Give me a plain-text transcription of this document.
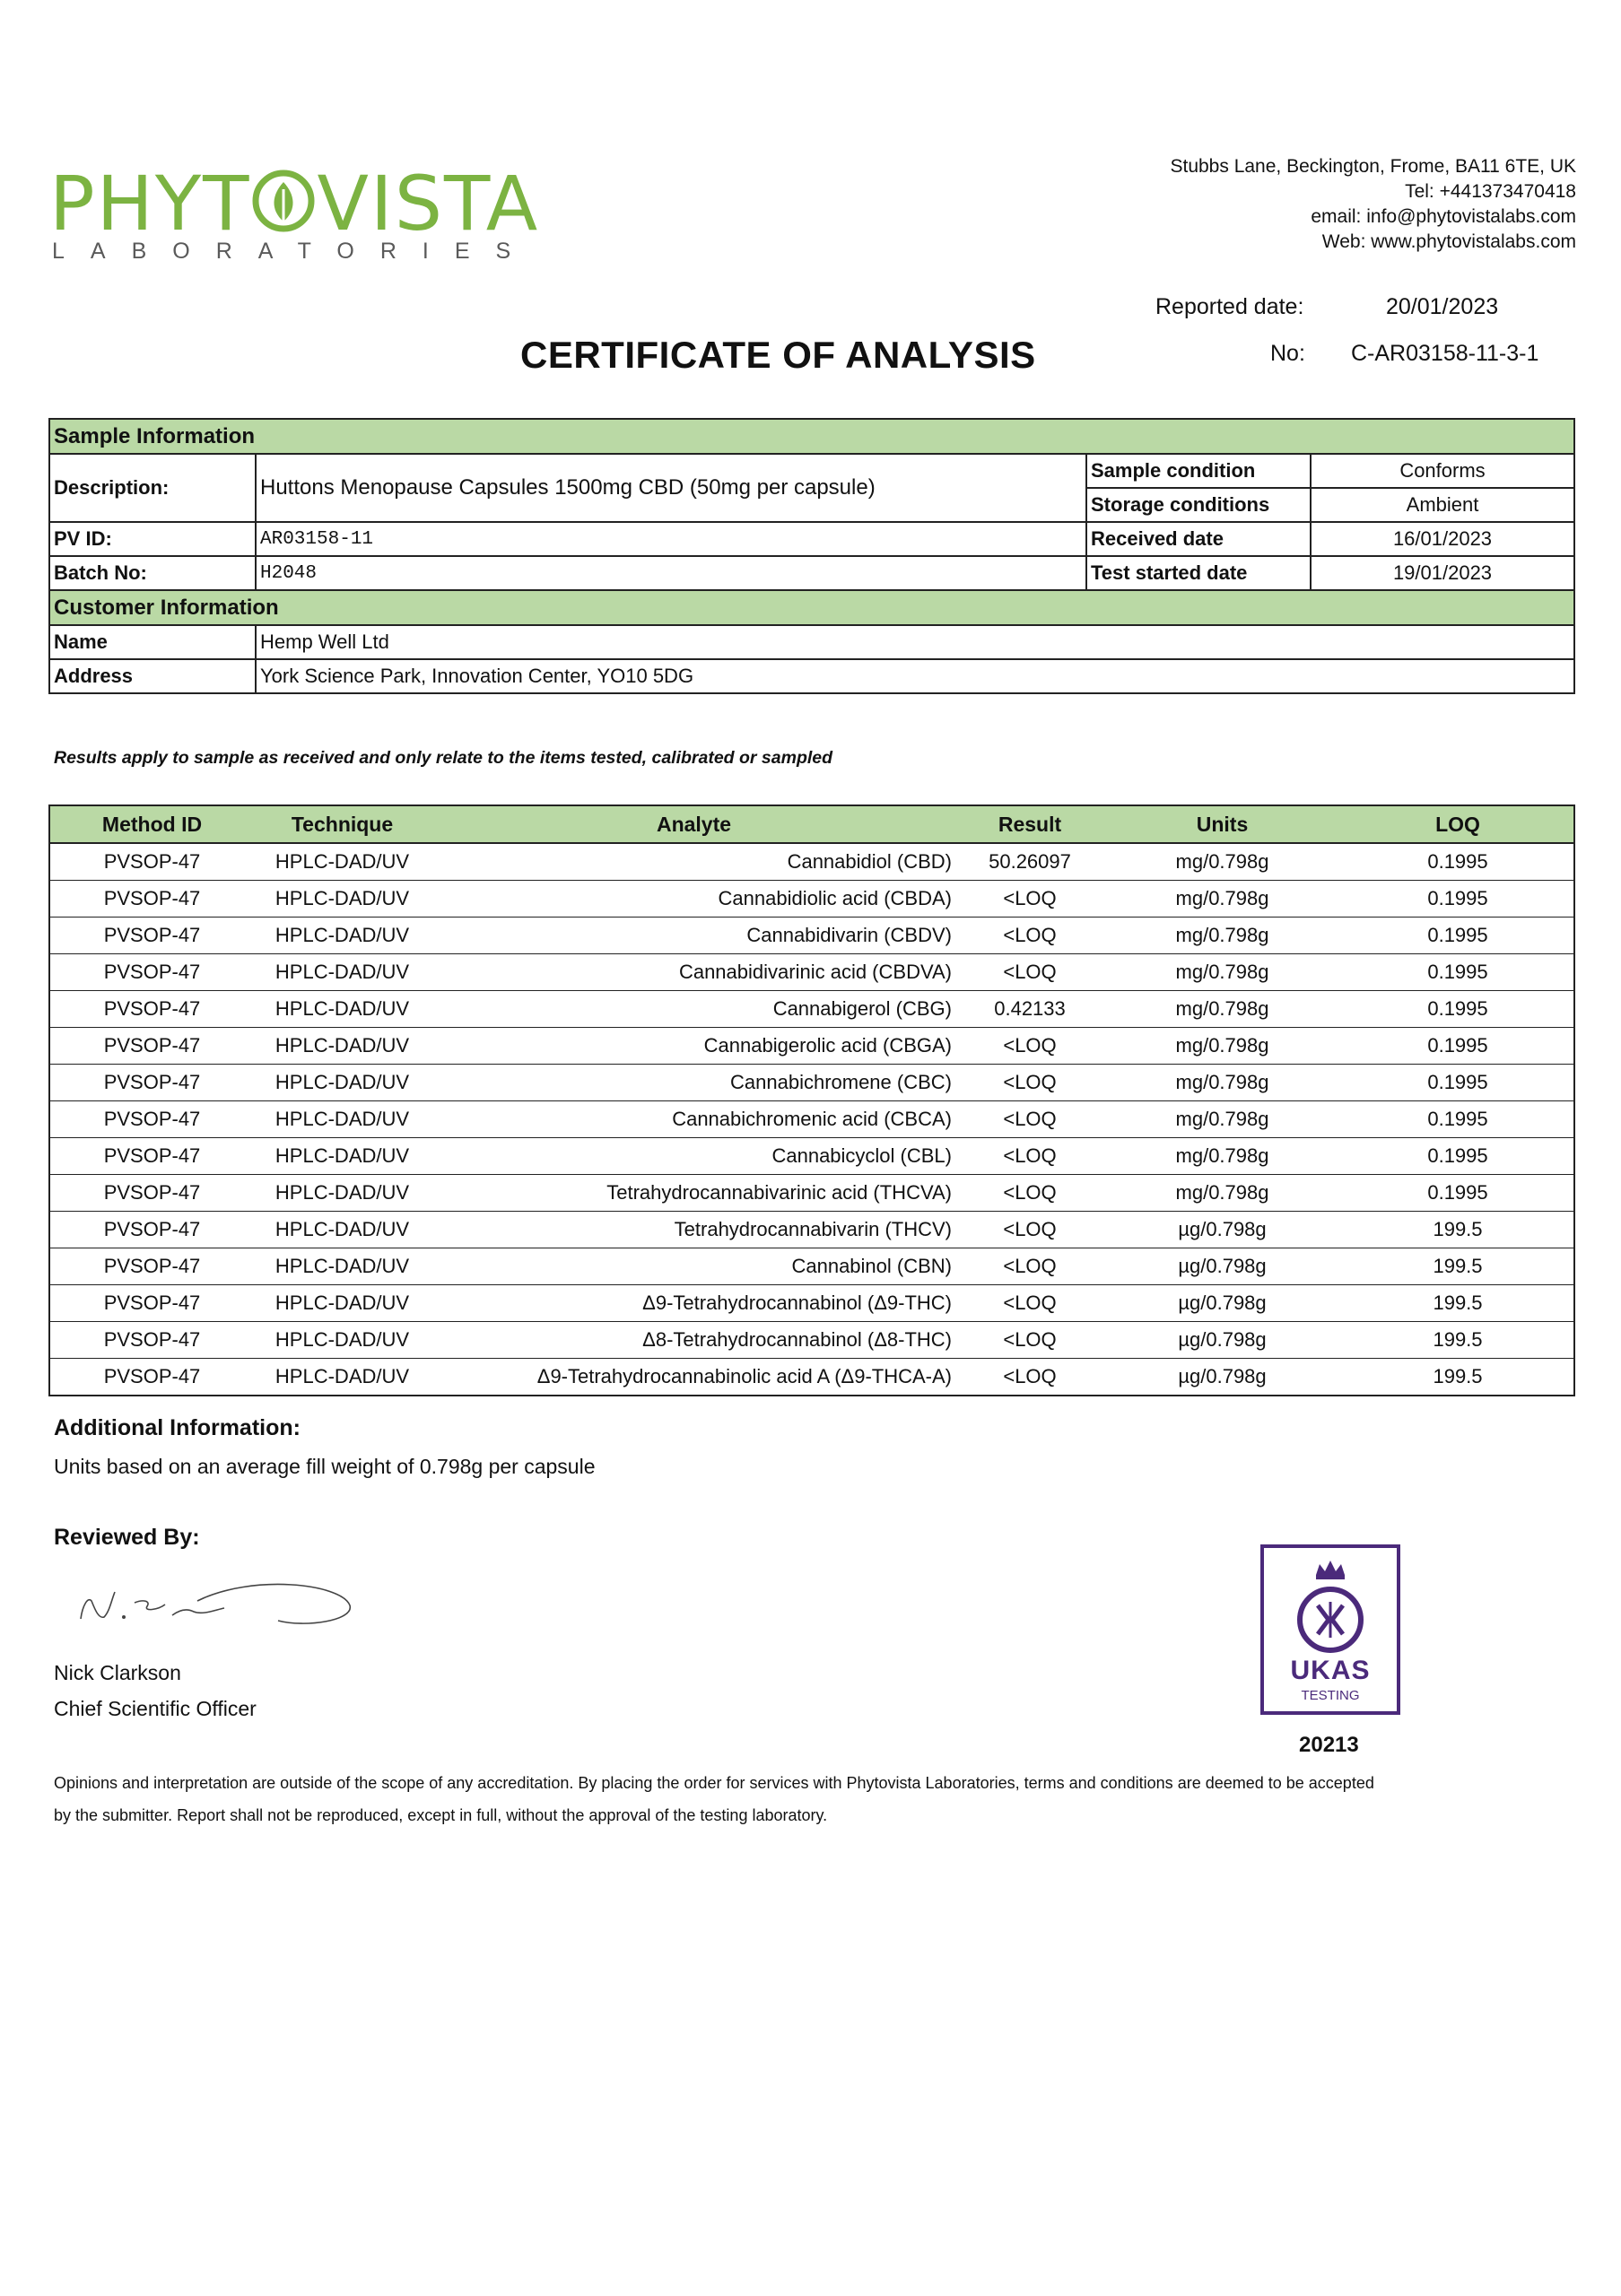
PHYT VISTA
LABORATORIES
Stubbs Lane, Beckington, Frome, BA11 6TE, UK
Tel: +441373470418
email: info@phytovistalabs.com
Web: www.phytovistalabs.com
Reported date:	20/01/2023
CERTIFICATE OF ANALYSIS	No: C-AR03158-11-3-1
Sample Information			
Description:	Huttons Menopause Capsules 1500mg CBD (50mg per capsule)	Sample condition	Conforms
		Storage conditions	Ambient
PV ID:	AR03158-11	Received date	16/01/2023
Batch No:	H2048	Test started date	19/01/2023
Customer Information			
Name	Hemp Well Ltd		
Address	York Science Park, Innovation Center, YO10 5DG		
Results apply to sample as received and only relate to the items tested, calibrated or sampled
Method ID	Technique	Analyte	Result	Units	LOQ
PVSOP-47	HPLC-DAD/UV	Cannabidiol (CBD)	50.26097	mg/0.798g	0.1995
PVSOP-47	HPLC-DAD/UV	Cannabidiolic acid (CBDA)	<LOQ	mg/0.798g	0.1995
PVSOP-47	HPLC-DAD/UV	Cannabidivarin (CBDV)	<LOQ	mg/0.798g	0.1995
PVSOP-47	HPLC-DAD/UV	Cannabidivarinic acid (CBDVA)	<LOQ	mg/0.798g	0.1995
PVSOP-47	HPLC-DAD/UV	Cannabigerol (CBG)	0.42133	mg/0.798g	0.1995
PVSOP-47	HPLC-DAD/UV	Cannabigerolic acid (CBGA)	<LOQ	mg/0.798g	0.1995
PVSOP-47	HPLC-DAD/UV	Cannabichromene (CBC)	<LOQ	mg/0.798g	0.1995
PVSOP-47	HPLC-DAD/UV	Cannabichromenic acid (CBCA)	<LOQ	mg/0.798g	0.1995
PVSOP-47	HPLC-DAD/UV	Cannabicyclol (CBL)	<LOQ	mg/0.798g	0.1995
PVSOP-47	HPLC-DAD/UV	Tetrahydrocannabivarinic acid (THCVA)	<LOQ	mg/0.798g	0.1995
PVSOP-47	HPLC-DAD/UV	Tetrahydrocannabivarin (THCV)	<LOQ	µg/0.798g	199.5
PVSOP-47	HPLC-DAD/UV	Cannabinol (CBN)	<LOQ	µg/0.798g	199.5
PVSOP-47	HPLC-DAD/UV	Δ9-Tetrahydrocannabinol (Δ9-THC)	<LOQ	µg/0.798g	199.5
PVSOP-47	HPLC-DAD/UV	Δ8-Tetrahydrocannabinol (Δ8-THC)	<LOQ	µg/0.798g	199.5
PVSOP-47	HPLC-DAD/UV	Δ9-Tetrahydrocannabinolic acid A (Δ9-THCA-A)	<LOQ	µg/0.798g	199.5
Additional Information:
Units based on an average fill weight of 0.798g per capsule
Reviewed By:
Nick Clarkson
Chief Scientific Officer
UKAS
TESTING
20213
Opinions and interpretation are outside of the scope of any accreditation. By placing the order for services with Phytovista Laboratories, terms and conditions are deemed to be accepted
by the submitter. Report shall not be reproduced, except in full, without the approval of the testing laboratory.
